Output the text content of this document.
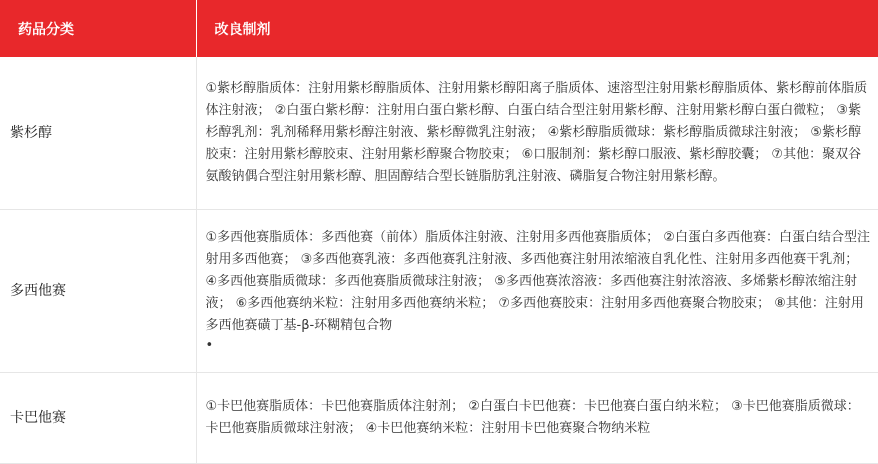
药品分类	改良制剂
紫杉醇	①紫杉醇脂质体：注射用紫杉醇脂质体、注射用紫杉醇阳离子脂质体、速溶型注射用紫杉醇脂质体、紫杉醇前体脂质体注射液； ②白蛋白紫杉醇：注射用白蛋白紫杉醇、白蛋白结合型注射用紫杉醇、注射用紫杉醇白蛋白微粒； ③紫杉醇乳剂：乳剂稀释用紫杉醇注射液、紫杉醇微乳注射液； ④紫杉醇脂质微球：紫杉醇脂质微球注射液； ⑤紫杉醇胶束：注射用紫杉醇胶束、注射用紫杉醇聚合物胶束； ⑥口服制剂：紫杉醇口服液、紫杉醇胶囊； ⑦其他：聚双谷氨酸钠偶合型注射用紫杉醇、胆固醇结合型长链脂肪乳注射液、磷脂复合物注射用紫杉醇。
多西他赛	①多西他赛脂质体：多西他赛（前体）脂质体注射液、注射用多西他赛脂质体； ②白蛋白多西他赛：白蛋白结合型注射用多西他赛； ③多西他赛乳液：多西他赛乳注射液、多西他赛注射用浓缩液自乳化性、注射用多西他赛干乳剂； ④多西他赛脂质微球：多西他赛脂质微球注射液； ⑤多西他赛浓溶液：多西他赛注射浓溶液、多烯紫杉醇浓缩注射液； ⑥多西他赛纳米粒：注射用多西他赛纳米粒； ⑦多西他赛胶束：注射用多西他赛聚合物胶束； ⑧其他：注射用多西他赛磺丁基-β-环糊精包合物
•

卡巴他赛	①卡巴他赛脂质体：卡巴他赛脂质体注射剂； ②白蛋白卡巴他赛：卡巴他赛白蛋白纳米粒； ③卡巴他赛脂质微球：卡巴他赛脂质微球注射液； ④卡巴他赛纳米粒：注射用卡巴他赛聚合物纳米粒
